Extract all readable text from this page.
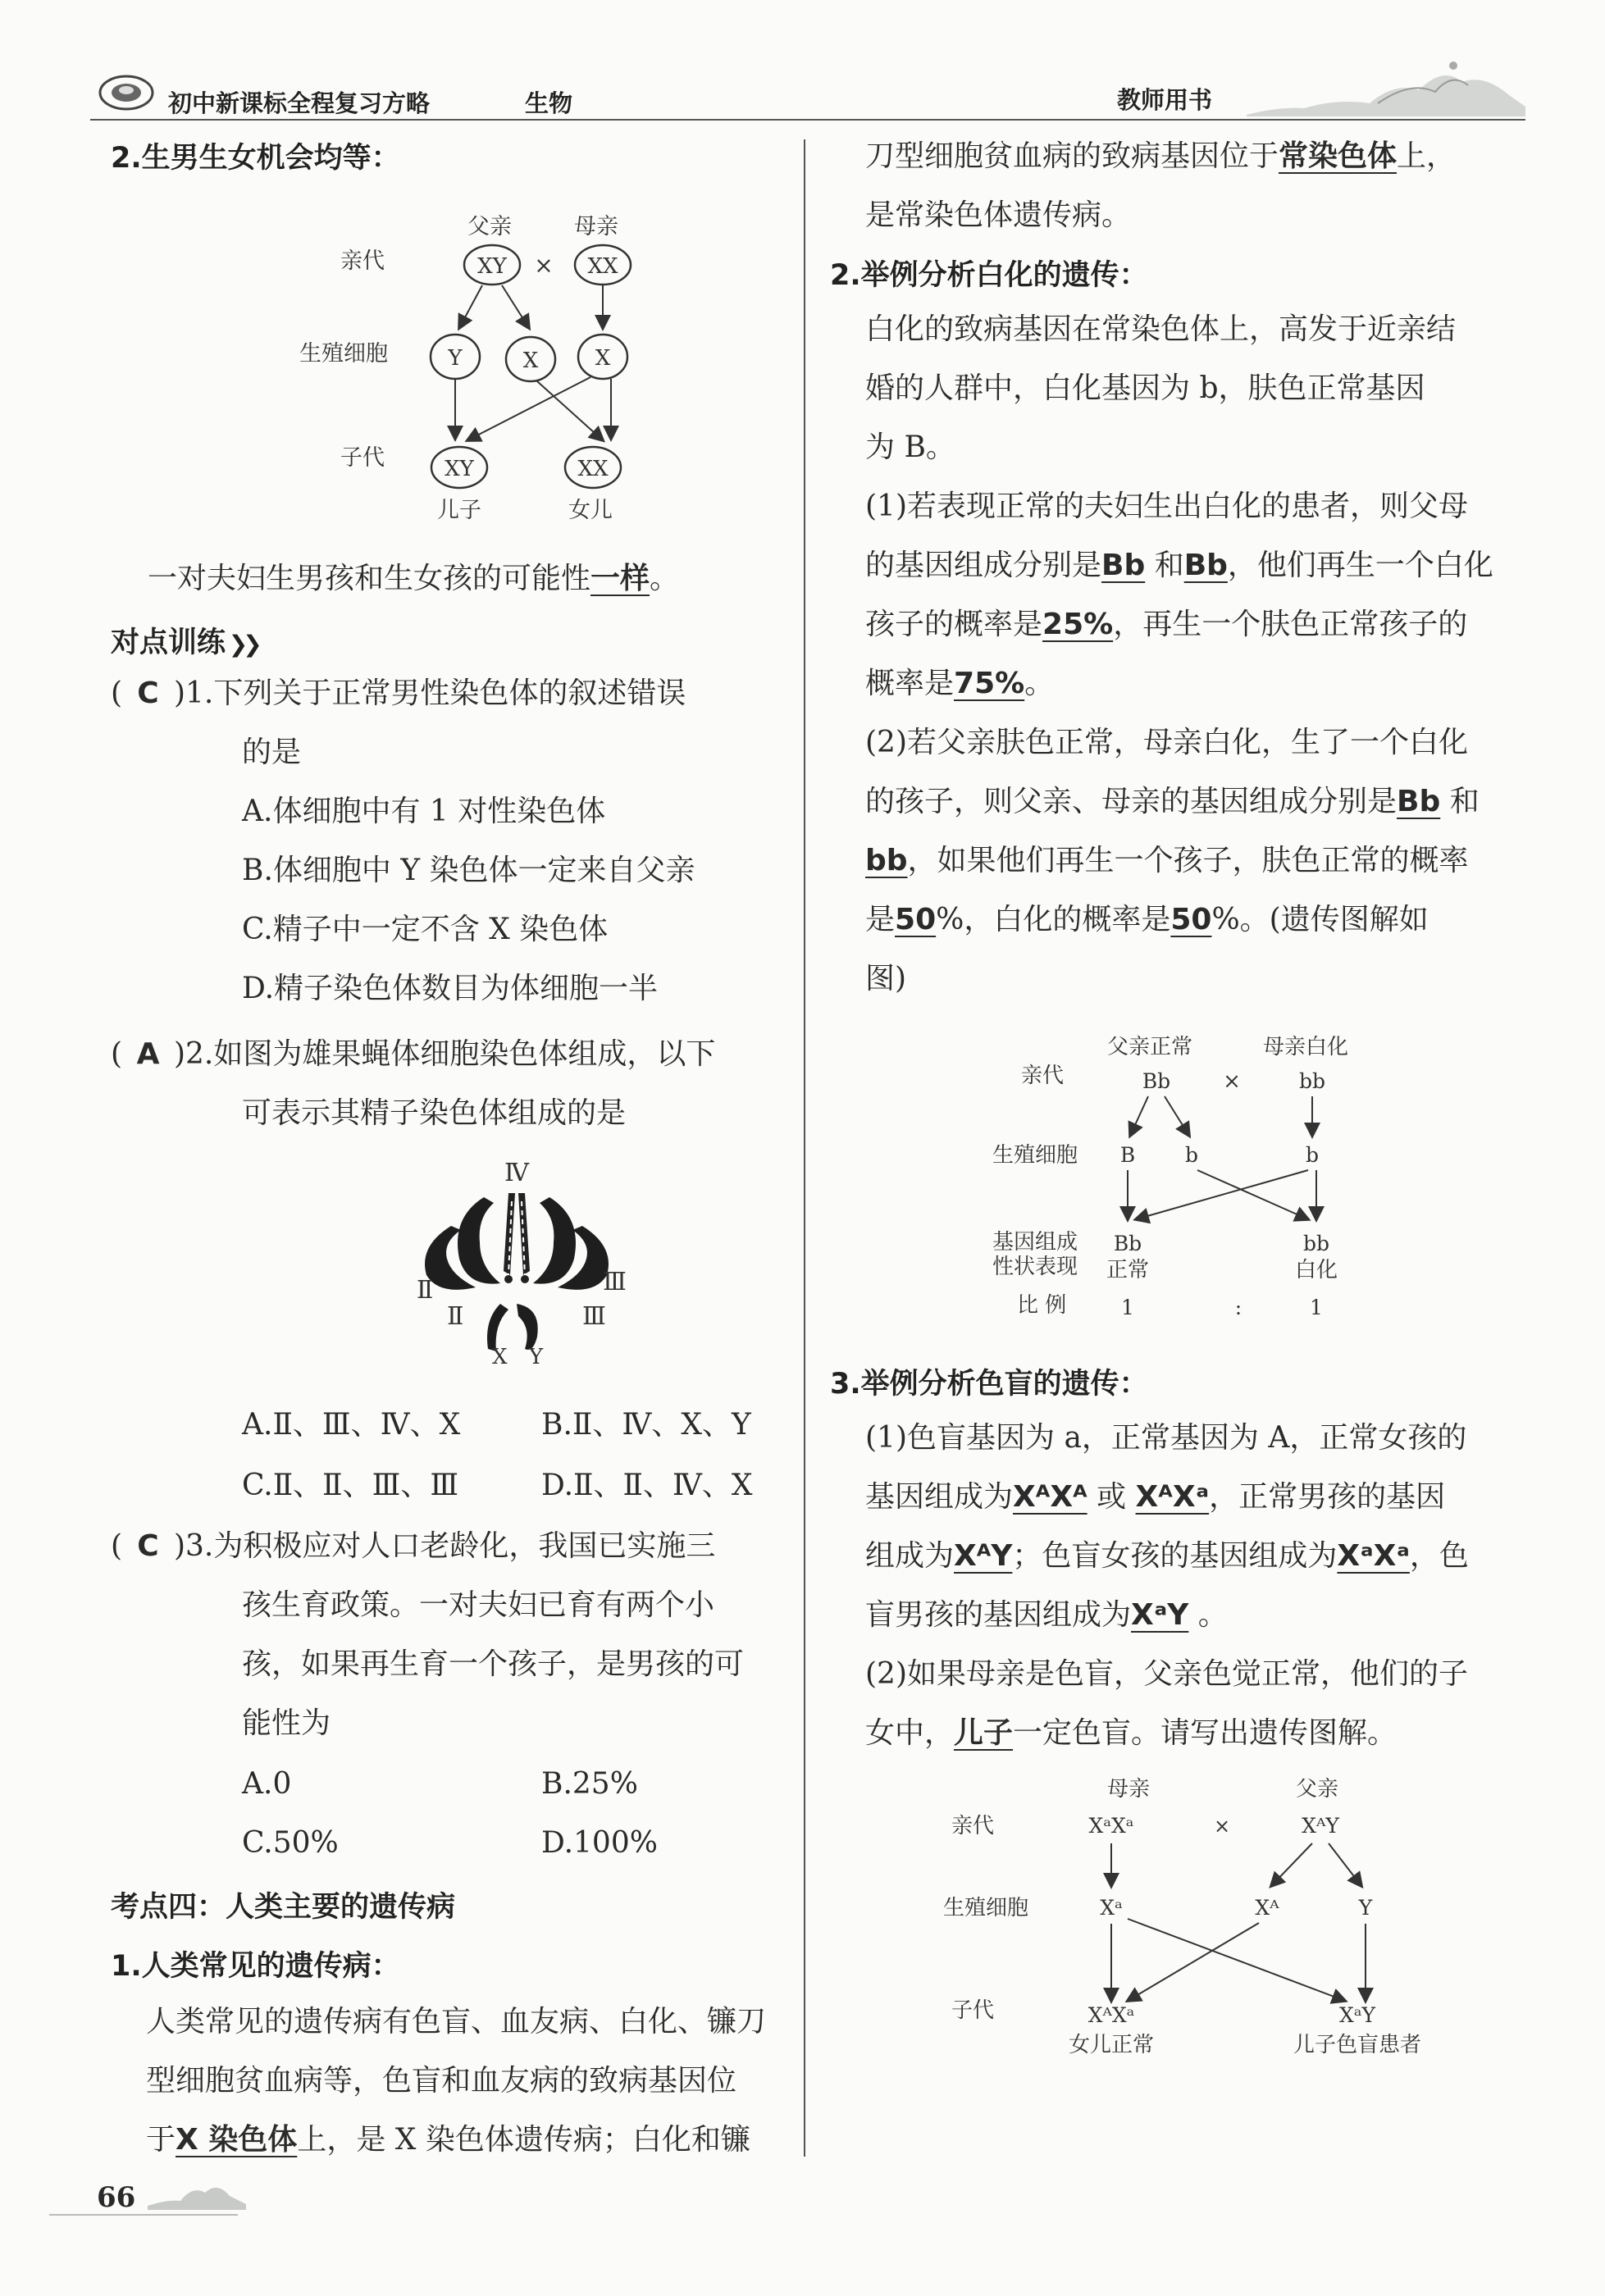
初中新课标全程复习方略	生物	教师用书
2.生男生女机会均等：
父亲	母亲
亲代
生殖细胞
子代
XY × XX
Y	X	X
XY	XX
儿子	女儿
一对夫妇生男孩和生女孩的可能性一样。
对点训练 ❯❯
( C )1.下列关于正常男性染色体的叙述错误
的是
A.体细胞中有 1 对性染色体
B.体细胞中 Y 染色体一定来自父亲
C.精子中一定不含 X 染色体
D.精子染色体数目为体细胞一半
( A )2.如图为雄果蝇体细胞染色体组成，以下
可表示其精子染色体组成的是
Ⅳ
Ⅱ	Ⅲ
Ⅱ	Ⅲ
X Y
A.Ⅱ、Ⅲ、Ⅳ、X	B.Ⅱ、Ⅳ、X、Y
C.Ⅱ、Ⅱ、Ⅲ、Ⅲ	D.Ⅱ、Ⅱ、Ⅳ、X
( C )3.为积极应对人口老龄化，我国已实施三
孩生育政策。一对夫妇已育有两个小
孩，如果再生育一个孩子，是男孩的可
能性为
A.0	B.25%
C.50%	D.100%
考点四：人类主要的遗传病
1.人类常见的遗传病：
人类常见的遗传病有色盲、血友病、白化、镰刀
型细胞贫血病等，色盲和血友病的致病基因位
于X 染色体上，是 X 染色体遗传病；白化和镰
66
刀型细胞贫血病的致病基因位于常染色体上，
是常染色体遗传病。
2.举例分析白化的遗传：
白化的致病基因在常染色体上，高发于近亲结
婚的人群中，白化基因为 b，肤色正常基因
为 B。
(1)若表现正常的夫妇生出白化的患者，则父母
的基因组成分别是Bb 和Bb，他们再生一个白化
孩子的概率是25%，再生一个肤色正常孩子的
概率是75%。
(2)若父亲肤色正常，母亲白化，生了一个白化
的孩子，则父亲、母亲的基因组成分别是Bb 和
bb，如果他们再生一个孩子，肤色正常的概率
是50%，白化的概率是50%。(遗传图解如
图)
父亲正常	母亲白化
亲代	Bb ×	bb
生殖细胞 B b	b
基因组成
性状表现
Bb
正常
bb
白化
比 例	1	:	1
3.举例分析色盲的遗传：
(1)色盲基因为 a，正常基因为 A，正常女孩的
基因组成为XᴬXᴬ 或 XᴬXᵃ，正常男孩的基因
组成为XᴬY；色盲女孩的基因组成为XᵃXᵃ，色
盲男孩的基因组成为XᵃY 。
(2)如果母亲是色盲，父亲色觉正常，他们的子
女中，儿子一定色盲。请写出遗传图解。
母亲	父亲
亲代	XᵃXᵃ	×	XᴬY
生殖细胞	Xᵃ	Xᴬ	Y
子代	XᴬXᵃ
女儿正常
XᵃY
儿子色盲患者
